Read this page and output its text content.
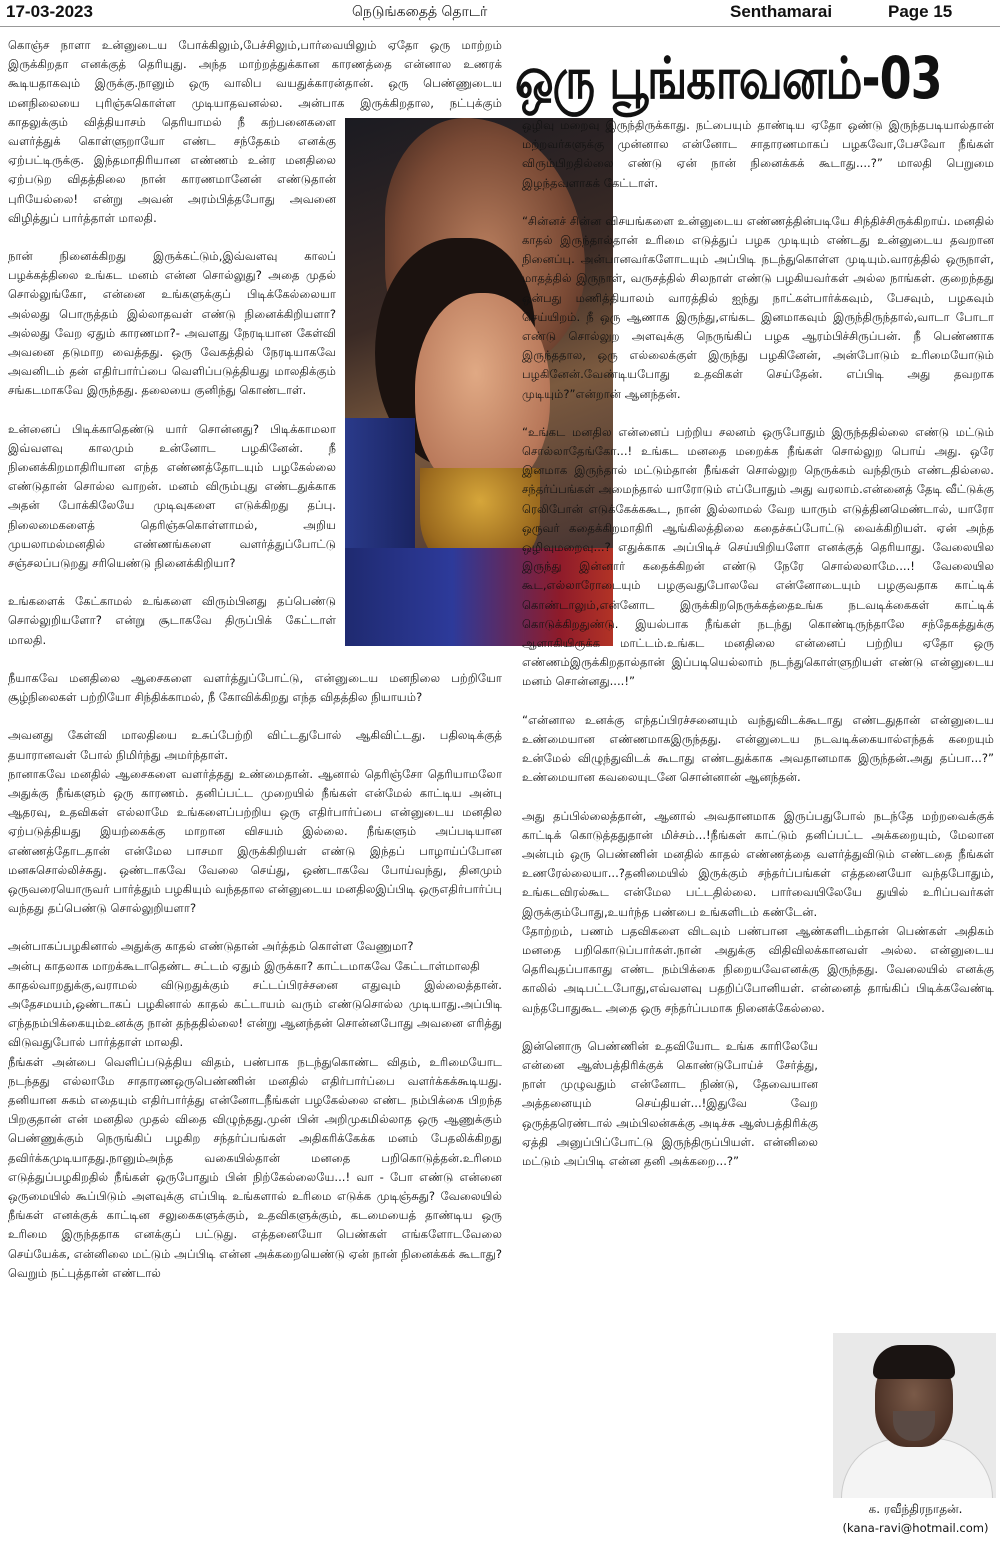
17-03-2023	நெடுங்கதைத் தொடர்	Senthamarai	Page 15
ஒரு பூங்காவனம்-03

கொஞ்ச நாளா உன்னுடைய போக்கிலும்,பேச்சிலும்,பார்வையிலும் ஏதோ ஒரு மாற்றம் இருக்கிறதா எனக்குத் தெரியுது. அந்த மாற்றத்துக்கான காரணத்தை என்னால உணரக் கூடியதாகவும் இருக்கு.நானும் ஒரு வாலிப வயதுக்காரன்தான். ஒரு பெண்ணுடைய மனநிலையை புரிஞ்சுகொள்ள முடியாதவனல்ல. அன்பாக இருக்கிறதால, நட்புக்கும் காதலுக்கும் வித்தியாசம் தெரியாமல் நீ கற்பனைகளை வளர்த்துக் கொள்ளுறாயோ எண்ட சந்தேகம் எனக்கு ஏற்பட்டிருக்கு. இந்தமாதிரியான எண்ணம் உன்ர மனதிலை ஏற்படுற விதத்திலை நான் காரணமானேன் எண்டுதான் புரியேல்லை! என்று அவன் அரம்பித்தபோது அவனை விழித்துப் பார்த்தாள் மாலதி.

நான் நினைக்கிறது இருக்கட்டும்,இவ்வளவு காலப் பழக்கத்திலை உங்கட மனம் என்ன சொல்லுது? அதை முதல் சொல்லுங்கோ, என்னை உங்களுக்குப் பிடிக்கேல்லையா அல்லது பொருத்தம் இல்லாதவள் எண்டு நினைக்கிறியளா? அல்லது வேற ஏதும் காரணமா?- அவளது நேரடியான கேள்வி அவனை தடுமாற வைத்தது. ஒரு வேகத்தில் நேரடியாகவே அவனிடம் தன் எதிர்பார்ப்பை வெளிப்படுத்தியது மாலதிக்கும் சங்கடமாகவே இருந்தது. தலையை குனிந்து கொண்டாள்.

உன்னைப் பிடிக்காதெண்டு யார் சொன்னது? பிடிக்காமலா இவ்வளவு காலமும் உன்னோட பழகினேன். நீ நினைக்கிறமாதிரியான எந்த எண்ணத்தோடயும் பழகேல்லை எண்டுதான் சொல்ல வாறன். மனம் விரும்புது எண்டதுக்காக அதன் போக்கிலேயே முடிவுகளை எடுக்கிறது தப்பு. நிலைமைகளைத் தெரிஞ்சுகொள்ளாமல், அறிய முயலாமல்மனதில் எண்ணங்களை வளர்த்துப்போட்டு சஞ்சலப்படுறது சரியெண்டு நினைக்கிறியா?

உங்களைக் கேட்காமல் உங்களை விரும்பினது தப்பெண்டு சொல்லுறியளோ? என்று சூடாகவே திருப்பிக் கேட்டாள் மாலதி.

நீயாகவே மனதிலை ஆசைகளை வளர்த்துப்போட்டு, என்னுடைய மனநிலை பற்றியோ சூழ்நிலைகள் பற்றியோ சிந்திக்காமல், நீ கோவிக்கிறது எந்த விதத்தில நியாயம்?

அவனது கேள்வி மாலதியை உசுப்பேற்றி விட்டதுபோல் ஆகிவிட்டது. பதிலடிக்குத் தயாரானவள் போல் நிமிர்ந்து அமர்ந்தாள்.

நானாகவே மனதில் ஆசைகளை வளர்த்தது உண்மைதான். ஆனால் தெரிஞ்சோ தெரியாமலோ அதுக்கு நீங்களும் ஒரு காரணம். தனிப்பட்ட முறையில் நீங்கள் என்மேல் காட்டிய அன்பு ஆதரவு, உதவிகள் எல்லாமே உங்களைப்பற்றிய ஒரு எதிர்பார்ப்பை என்னுடைய மனதில ஏற்படுத்தியது இயற்கைக்கு மாறான விசயம் இல்லை. நீங்களும் அப்படியான எண்ணத்தோடதான் என்மேல பாசமா இருக்கிறியள் எண்டு இந்தப் பாழாய்ப்போன மனசுசொல்லிச்சுது. ஒண்டாகவே வேலை செய்து, ஒண்டாகவே போய்வந்து, தினமும் ஒருவரையொருவர் பார்த்தும் பழகியும் வந்ததால என்னுடைய மனதிலஇப்பிடி ஒருஎதிர்பார்ப்பு வந்தது தப்பெண்டு சொல்லுறியளா?

அன்பாகப்பழகினால் அதுக்கு காதல் எண்டுதான் அர்த்தம் கொள்ள வேணுமா?

அன்பு காதலாக மாறக்கூடாதெண்ட சட்டம் ஏதும் இருக்கா? காட்டமாகவே கேட்டாள்மாலதி

காதல்வாறதுக்கு,வராமல் விடுறதுக்கும் சட்டப்பிரச்சனை எதுவும் இல்லைத்தான். அதேசமயம்,ஒண்டாகப் பழகினால் காதல் கட்டாயம் வரும் எண்டுசொல்ல முடியாது.அப்பிடி எந்தநம்பிக்கையும்உனக்கு நான் தந்ததில்லை! என்று ஆனந்தன் சொன்னபோது அவனை எரித்து விடுவதுபோல் பார்த்தாள் மாலதி.

நீங்கள் அன்பை வெளிப்படுத்திய விதம், பண்பாக நடந்துகொண்ட விதம், உரிமையோட நடந்தது எல்லாமே சாதாரணஒருபெண்ணின் மனதில் எதிர்பார்ப்பை வளர்க்கக்கூடியது. தனியான சுகம் எதையும் எதிர்பார்த்து என்னோடநீங்கள் பழகேல்லை எண்ட நம்பிக்கை பிறந்த பிறகுதான் என் மனதில முதல் விதை விழுந்தது.முன் பின் அறிமுகமில்லாத ஒரு ஆணுக்கும் பெண்ணுக்கும் நெருங்கிப் பழகிற சந்தர்ப்பங்கள் அதிகரிக்கேக்க மனம் பேதலிக்கிறது தவிர்க்கமுடியாதது.நானும்அந்த வகையில்தான் மனதை பறிகொடுத்தன்.உரிமை எடுத்துப்பழகிறதில் நீங்கள் ஒருபோதும் பின் நிற்கேல்லையே...! வா - போ எண்டு என்னை ஒருமையில் கூப்பிடும் அளவுக்கு எப்பிடி உங்களால் உரிமை எடுக்க முடிஞ்சுது? வேலையில் நீங்கள் எனக்குக் காட்டின சலுகைகளுக்கும், உதவிகளுக்கும், கடமையைத் தாண்டிய ஒரு உரிமை இருந்ததாக எனக்குப் பட்டுது. எத்தனையோ பெண்கள் எங்களோடவேலை செய்யேக்க, என்னிலை மட்டும் அப்பிடி என்ன அக்கறையெண்டு ஏன் நான் நினைக்கக் கூடாது? வெறும் நட்புத்தான் எண்டால்

ஒழிவு மறைவு இருந்திருக்காது. நட்பையும் தாண்டிய ஏதோ ஒண்டு இருந்தபடியால்தான் மற்றவர்களுக்கு முன்னால என்னோட சாதாரணமாகப் பழகவோ,பேசவோ நீங்கள் விரும்பிறதில்லை எண்டு ஏன் நான் நினைக்கக் கூடாது....?” மாலதி பெறுமை இழந்தவளாகக் கேட்டாள்.

“சின்னச் சின்ன விசயங்களை உன்னுடைய எண்ணத்தின்படியே சிந்திச்சிருக்கிறாய். மனதில் காதல் இருந்தால்தான் உரிமை எடுத்துப் பழக முடியும் எண்டது உன்னுடைய தவறான நினைப்பு. அன்பானவர்களோடயும் அப்பிடி நடந்துகொள்ள முடியும்.வாரத்தில் ஒருநாள், மாதத்தில் இருநாள், வருசத்தில் சிலநாள் எண்டு பழகியவர்கள் அல்ல நாங்கள். குறைந்தது ஒன்பது மணித்தியாலம் வாரத்தில் ஐந்து நாட்கள்பார்க்கவும், பேசவும், பழகவும் செய்யிறம். நீ ஒரு ஆணாக இருந்து,எங்கட இனமாகவும் இருந்திருந்தால்,வாடா போடா எண்டு சொல்லுற அளவுக்கு நெருங்கிப் பழக ஆரம்பிச்சிருப்பன். நீ பெண்ணாக இருந்ததால, ஒரு எல்லைக்குள் இருந்து பழகினேன், அன்போடும் உரிமையோடும் பழகினேன்.வேண்டியபோது உதவிகள் செய்தேன். எப்பிடி அது தவறாக முடியும்?”என்றான் ஆனந்தன்.

“உங்கட மனதில என்னைப் பற்றிய சலனம் ஒருபோதும் இருந்ததில்லை எண்டு மட்டும் சொல்லாதேங்கோ...! உங்கட மனதை மறைக்க நீங்கள் சொல்லுற பொய் அது. ஒரே இனமாக இருந்தால் மட்டும்தான் நீங்கள் சொல்லுற நெருக்கம் வந்திரும் எண்டதில்லை. சந்தர்ப்பங்கள் அமைந்தால் யாரோடும் எப்போதும் அது வரலாம்.என்னைத் தேடி வீட்டுக்கு ரெலிபோன் எடுக்கேக்ககூட, நான் இல்லாமல் வேற யாரும் எடுத்தினமெண்டால், யாரோ ஒருவர் கதைக்கிறமாதிரி ஆங்கிலத்திலை கதைச்சுப்போட்டு வைக்கிறியள். ஏன் அந்த ஒழிவுமறைவு...? எதுக்காக அப்பிடிச் செய்யிறியளோ எனக்குத் தெரியாது. வேலையில இருந்து இன்னார் கதைக்கிறன் எண்டு நேரே சொல்லலாமே....! வேலையில கூட,எல்லாரோடையும் பழகுவதுபோலவே என்னோடையும் பழகுவதாக காட்டிக் கொண்டாலும்,என்னோட இருக்கிறநெருக்கத்தைஉங்க நடவடிக்கைகள் காட்டிக் கொடுக்கிறதுண்டு. இயல்பாக நீங்கள் நடந்து கொண்டிருந்தாலே சந்தேகத்துக்கு ஆளாகியிருக்க மாட்டம்.உங்கட மனதிலை என்னைப் பற்றிய ஏதோ ஒரு எண்ணம்இருக்கிறதால்தான் இப்படியெல்லாம் நடந்துகொள்ளுறியள் எண்டு என்னுடைய மனம் சொன்னது....!”

“என்னால உனக்கு எந்தப்பிரச்சனையும் வந்துவிடக்கூடாது எண்டதுதான் என்னுடைய உண்மையான எண்ணமாகஇருந்தது. என்னுடைய நடவடிக்கையால்எந்தக் கறையும் உன்மேல் விழுந்துவிடக் கூடாது எண்டதுக்காக அவதானமாக இருந்தன்.அது தப்பா...?” உண்மையான கவலையுடனே சொன்னான் ஆனந்தன்.

அது தப்பில்லைத்தான், ஆனால் அவதானமாக இருப்பதுபோல் நடந்தே மற்றவைக்குக் காட்டிக் கொடுத்ததுதான் மிச்சம்...!நீங்கள் காட்டும் தனிப்பட்ட அக்கறையும், மேலான அன்பும் ஒரு பெண்ணின் மனதில் காதல் எண்ணத்தை வளர்த்துவிடும் எண்டதை நீங்கள் உணரேல்லையா...?தனிமையில் இருக்கும் சந்தர்ப்பங்கள் எத்தனையோ வந்தபோதும், உங்கடவிரல்கூட என்மேல பட்டதில்லை. பார்வையிலேயே துயில் உரிப்பவர்கள் இருக்கும்போது,உயர்ந்த பண்பை உங்களிடம் கண்டேன்.

தோற்றம், பணம் பதவிகளை விடவும் பண்பான ஆண்களிடம்தான் பெண்கள் அதிகம் மனதை பறிகொடுப்பார்கள்.நான் அதுக்கு விதிவிலக்கானவள் அல்ல. என்னுடைய தெரிவுதப்பாகாது எண்ட நம்பிக்கை நிறையவேஎனக்கு இருந்தது. வேலையில் எனக்கு காலில் அடிபட்டபோது,எவ்வளவு பதறிப்போனியள். என்னைத் தாங்கிப் பிடிக்கவேண்டி வந்தபோதுகூட அதை ஒரு சந்தர்ப்பமாக நினைக்கேல்லை.

இன்னொரு பெண்ணின் உதவியோட உங்க காரிலேயே என்னை ஆஸ்பத்திரிக்குக் கொண்டுபோய்ச் சேர்த்து, நாள் முழுவதும் என்னோட நிண்டு, தேவையான அத்தனையும் செய்தியள்...!இதுவே வேற ஒருத்தரெண்டால் அம்பிலன்சுக்கு அடிச்சு ஆஸ்பத்திரிக்கு ஏத்தி அனுப்பிப்போட்டு இருந்திருப்பியள். என்னிலை மட்டும் அப்பிடி என்ன தனி அக்கறை...?”

க. ரவீந்திரநாதன்.
(kana-ravi@hotmail.com)
